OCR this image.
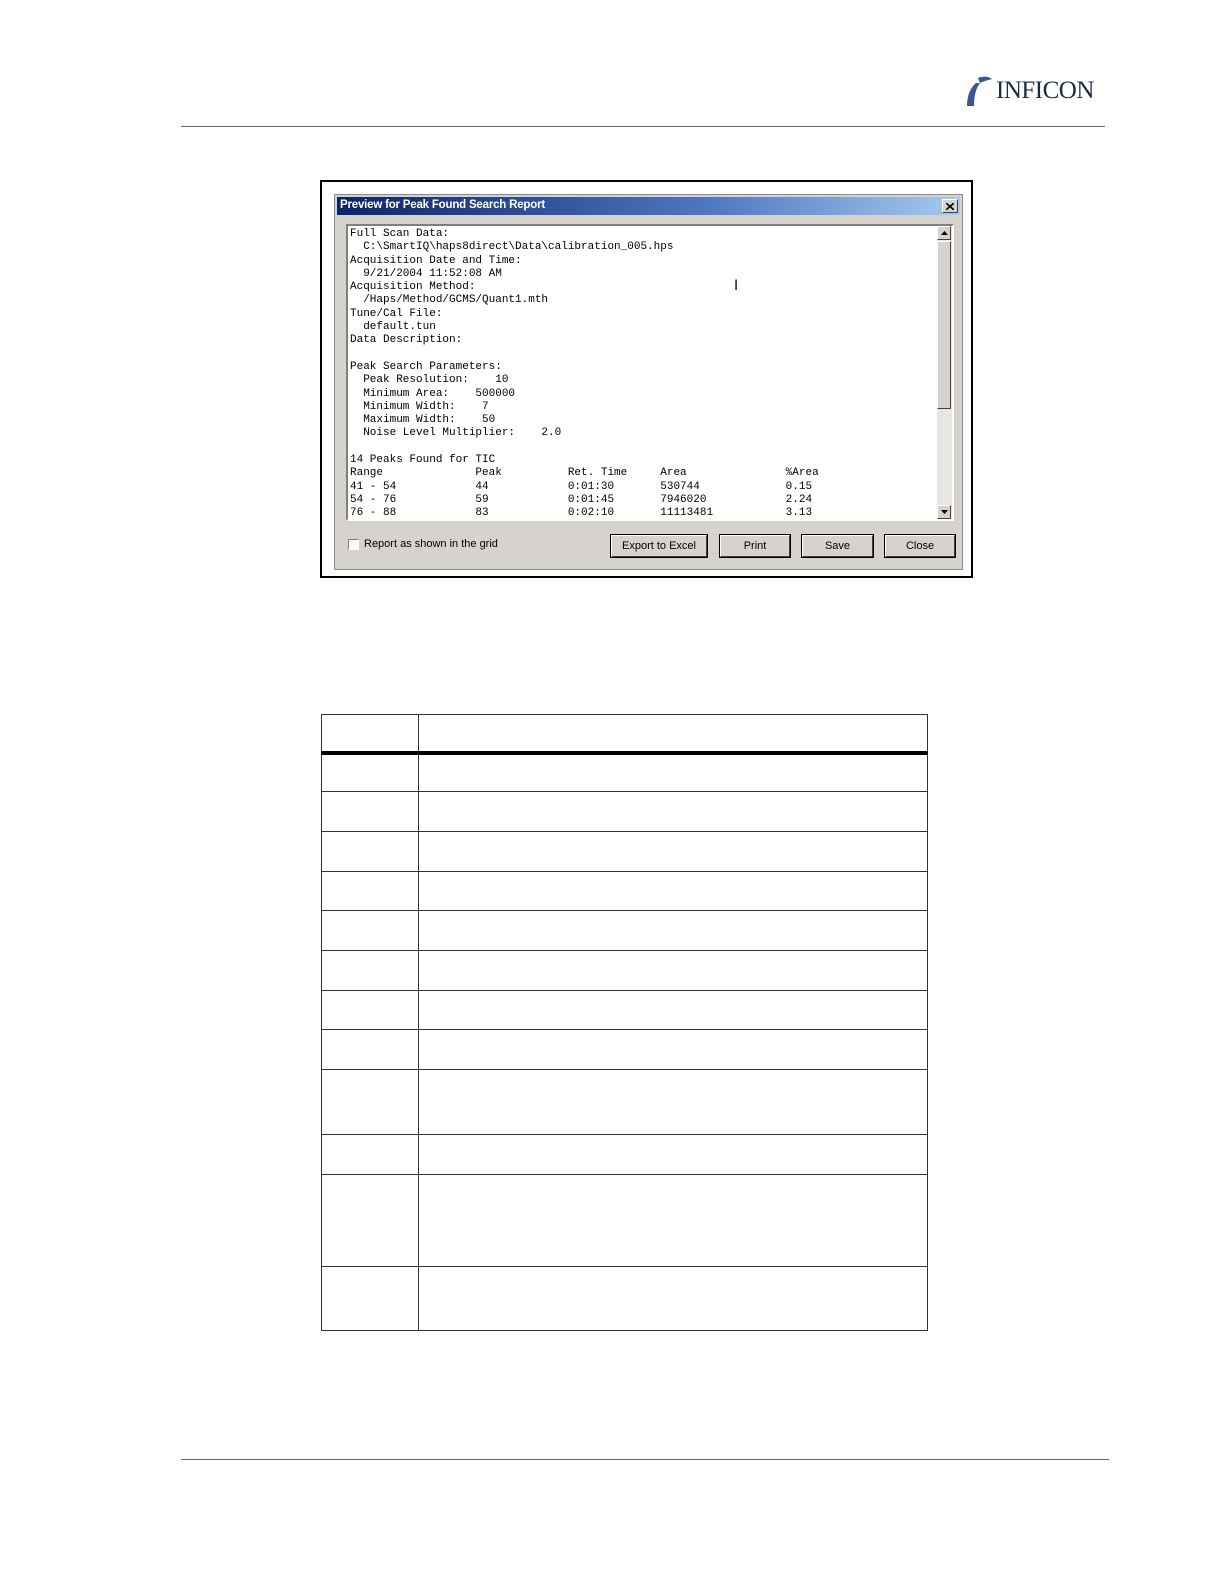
INFICON
Preview for Peak Found Search Report
Full Scan Data:
C:\SmartIQ\haps8direct\Data\calibration_005.hps
Acquisition Date and Time:
9/21/2004 11:52:08 AM
Acquisition Method:
/Haps/Method/GCMS/Quant1.mth
Tune/Cal File:
default.tun
Data Description:
Peak Search Parameters:
Peak Resolution:    10
Minimum Area:    500000
Minimum Width:    7
Maximum Width:    50
Noise Level Multiplier:    2.0
14 Peaks Found for TIC
Range              Peak          Ret. Time     Area               %Area
41 - 54            44            0:01:30       530744             0.15
54 - 76            59            0:01:45       7946020            2.24
76 - 88            83            0:02:10       11113481           3.13
I
Report as shown in the grid	Export to Excel	Print	Save	Close
